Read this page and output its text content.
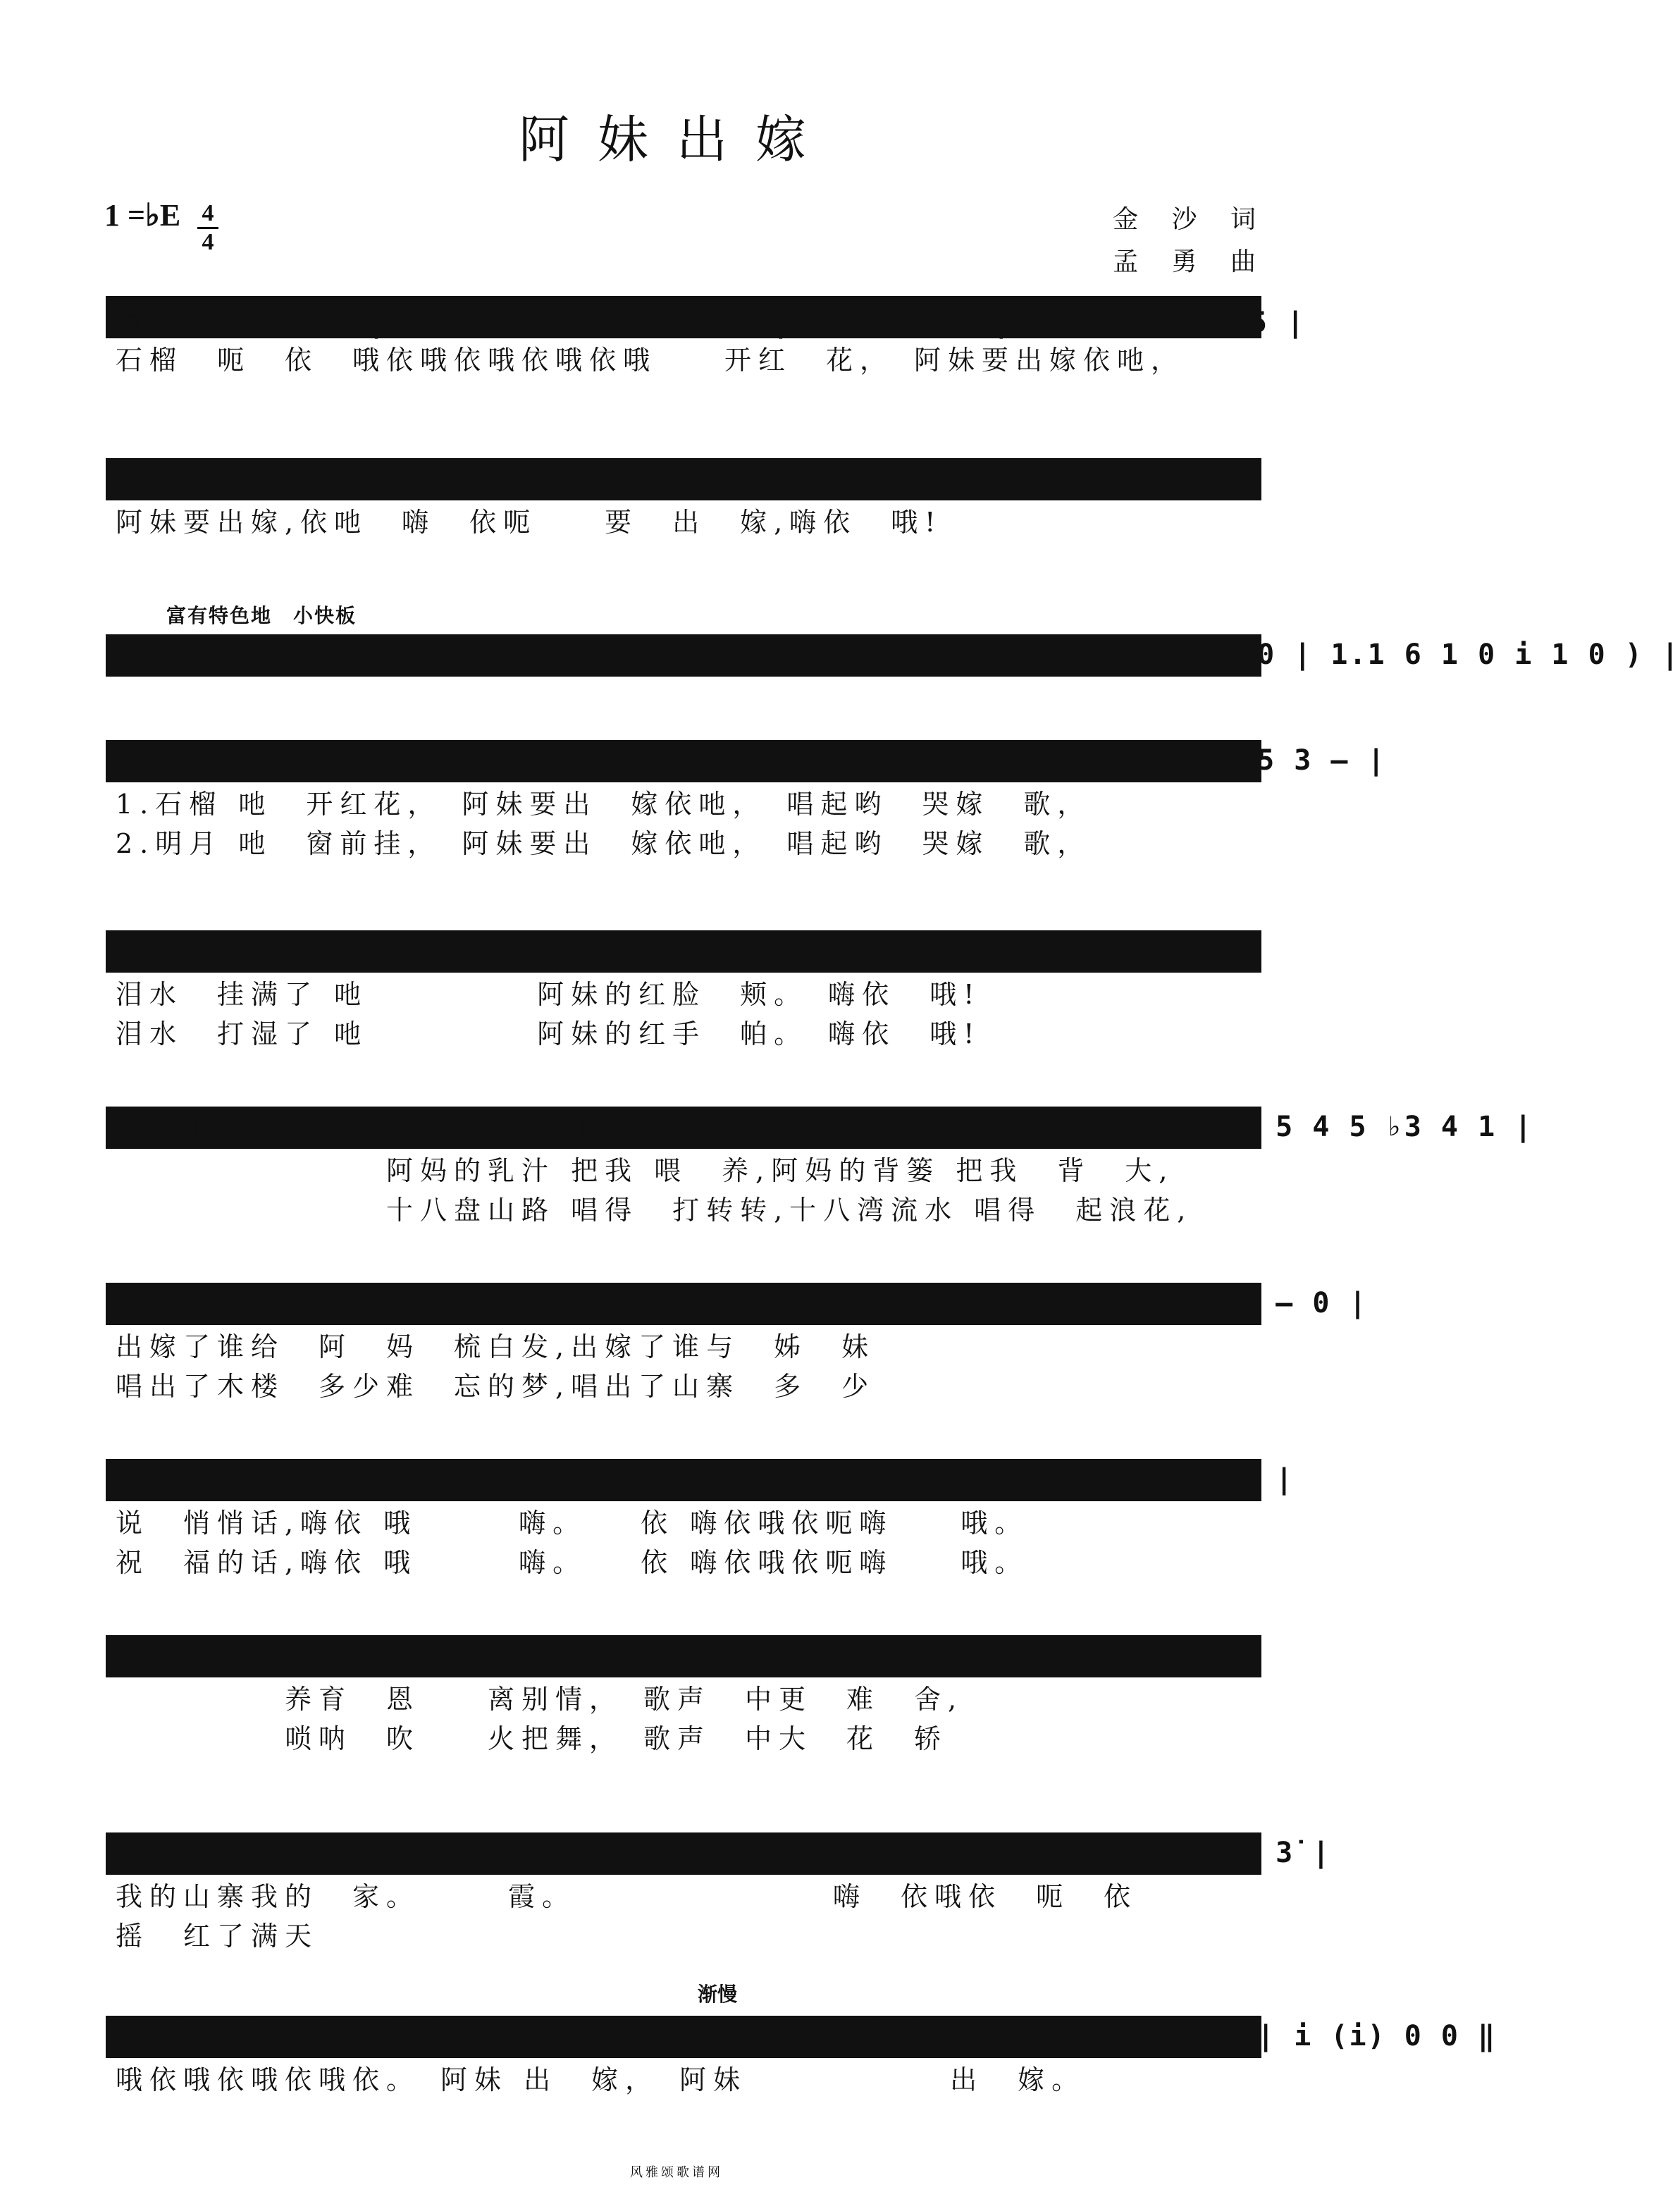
阿妹出嫁
1 =♭E 4
4
金 沙 词
孟 勇 曲
富有特色地　小快板
渐慢
廿5 5 3̇ i.. 3̇ | i 3 i 3 i 3 i 3 i – | i 5 3 5 – | 5.3 5.3 1.3 5 |
石榴　呃　依　哦依哦依哦依哦依哦　　开红　花，　阿妹要出嫁依吔，
i.6 i.6 4.6 i | i.. 3̇ 5 – | 5.3 5.3 1 3 5 | i – – – ‖
阿妹要出嫁,依吔　嗨　依呃　　要　出　嫁,嗨依　哦!
‖: (5 3 5 3 1 0 3 5 5 5 | i 6 i 6 4 0 6 i i i | 1.5 3 5 0 1 5 0 | 1.1 6 1 0 i 1 0 ) |
1 1 5.. i | 5 3 1 0 | 1.1 3 5.i | 5.. i 5 0 | 1 1 5.. i | 5 4 5 3 – |
1.石榴 吔　开红花，　阿妹要出　嫁依吔，　唱起哟　哭嫁　歌，
2.明月 吔　窗前挂，　阿妹要出　嫁依吔，　唱起哟　哭嫁　歌，
1 5 3 5 5.i | i – – – | 5 4 5 1 5 3 | 5 – – 5.i | 1 – – – |
泪水　挂满了 吔　　　　　阿妹的红脸　颊。　嗨依　哦!
泪水　打湿了 吔　　　　　阿妹的红手　帕。　嗨依　哦!
5 1 ♭3 3 2 1 1 1 0 ) | 5 ♭7 7 i 7 | i ♭7 i 5 6 5 | 1 5 5 4 5 | 5 4 5 ♭3 4 1 |
　　　　　　　　阿妈的乳汁 把我 喂　养,阿妈的背篓 把我　背　大,
　　　　　　　　十八盘山路 唱得　打转转,十八湾流水 唱得　起浪花,
5 ♭7 7 i 7 i | 2̇ 2̇ i 2̇ ♭7 i 5 | 1 5 5 5 4 5 | ♭3 4 4 – – | 4 – – 0 |
出嫁了谁给　阿　妈　梳白发,出嫁了谁与　姊　妹
唱出了木楼　多少难　忘的梦,唱出了山寨　多　少
4 5 5 5 5 ♭3 4 | 1 – – – | i – – i.3 | i.3 i.3 i 6.i | i – – – |
说　悄悄话,嗨依 哦　　　嗨。　　依 嗨依哦依呃嗨　　哦。
祝　福的话,嗨依 哦　　　嗨。　　依 嗨依哦依呃嗨　　哦。
i – – – | 3̇ 3̇.5 i.. 6 | 5 6 i i – | 5 5 i i i 6 | 4.. 5 5 0 |
　　　　　养育　恩　　离别情，　歌声　中更　难　舍,
　　　　　唢呐　吹　　火把舞，　歌声　中大　花　轿
5 5 6 i 3̇ 2̇ i | i – – – :‖ i – – – | i – – – | 3̇ 5 3̇ i i 6 i.. 3̇ |
我的山寨我的　家。　　　霞。　　　　　　　　嗨　依哦依　呃　依
摇　红了满天
i 3̇ i 3̇ i 3̇ i 3̇ 3̇ – | 5 5 3 5 6 i i – | 3̇ 3̇ 5 5 – | 5 – – i 6 | i (i) 0 0 ‖
哦依哦依哦依哦依。　阿妹 出　嫁，　阿妹　　　　　　出　嫁。
风雅颂歌谱网
